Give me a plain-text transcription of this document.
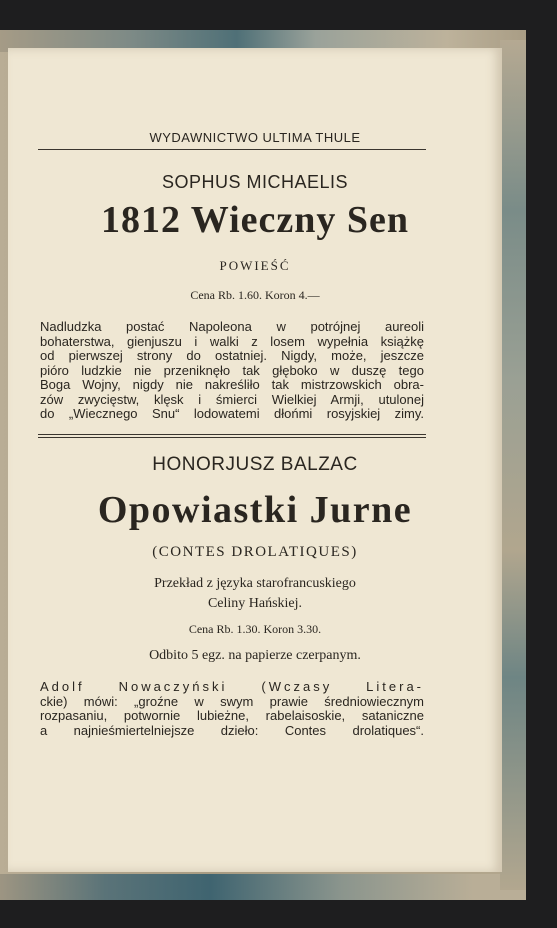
WYDAWNICTWO ULTIMA THULE
SOPHUS MICHAELIS
1812 Wieczny Sen
POWIEŚĆ
Cena Rb. 1.60. Koron 4.—
Nadludzka postać Napoleona w potrójnej aureoli
bohaterstwa, gienjuszu i walki z losem wypełnia książkę
od pierwszej strony do ostatniej. Nigdy, może, jeszcze
pióro ludzkie nie przeniknęło tak głęboko w duszę tego
Boga Wojny, nigdy nie nakreśliło tak mistrzowskich obra-
zów zwycięstw, klęsk i śmierci Wielkiej Armji, utulonej
do „Wiecznego Snu“ lodowatemi dłońmi rosyjskiej zimy.
HONORJUSZ BALZAC
Opowiastki Jurne
(CONTES DROLATIQUES)
Przekład z języka starofrancuskiego
Celiny Hańskiej.
Cena Rb. 1.30. Koron 3.30.
Odbito 5 egz. na papierze czerpanym.
Adolf Nowaczyński (Wczasy Litera-
ckie) mówi: „groźne w swym prawie średniowiecznym
rozpasaniu, potwornie lubieżne, rabelaisoskie, sataniczne
a najnieśmiertelniejsze dzieło: Contes drolatiques“.
